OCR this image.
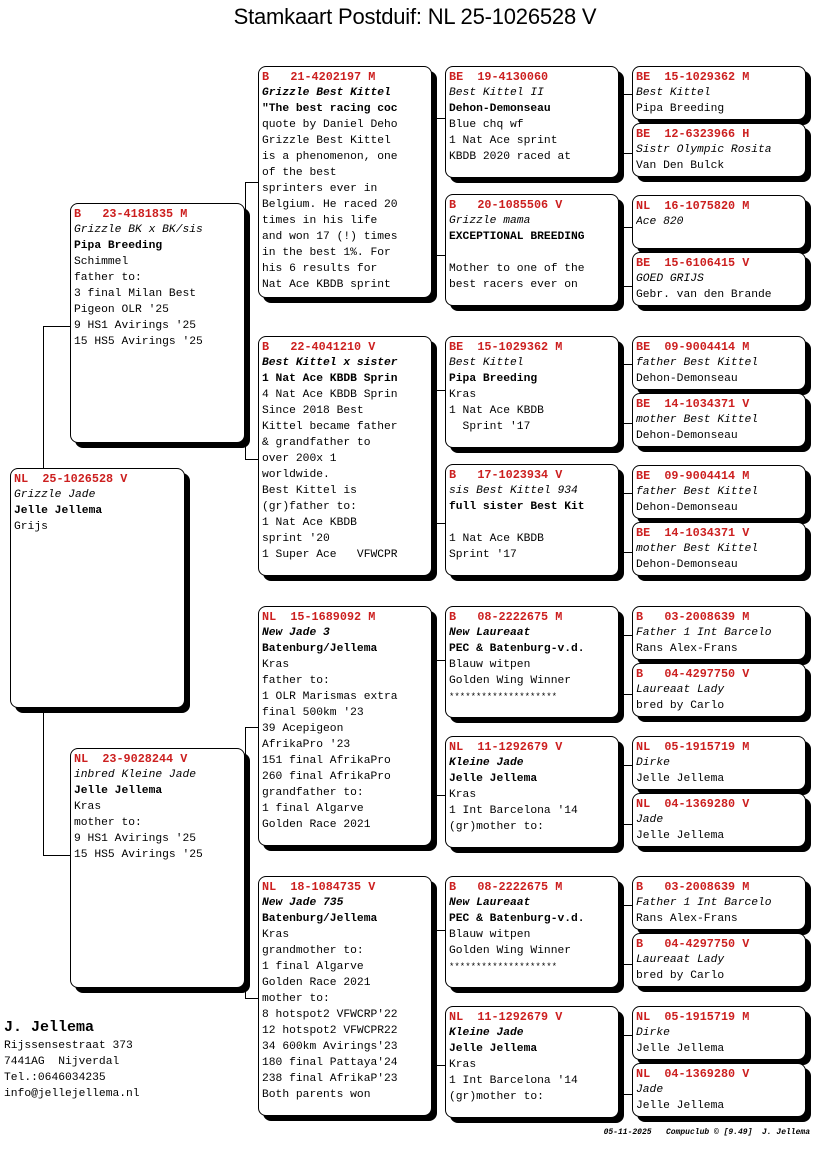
Stamkaart Postduif: NL 25-1026528 V
NL  25-1026528 V
Grizzle Jade
Jelle Jellema
Grijs
B   23-4181835 M
Grizzle BK x BK/sis
Pipa Breeding
Schimmel
father to:
3 final Milan Best
Pigeon OLR '25
9 HS1 Avirings '25
15 HS5 Avirings '25
NL  23-9028244 V
inbred Kleine Jade
Jelle Jellema
Kras
mother to:
9 HS1 Avirings '25
15 HS5 Avirings '25
B   21-4202197 M
Grizzle Best Kittel
"The best racing coc
quote by Daniel Deho
Grizzle Best Kittel
is a phenomenon, one
of the best
sprinters ever in
Belgium. He raced 20
times in his life
and won 17 (!) times
in the best 1%. For
his 6 results for
Nat Ace KBDB sprint
B   22-4041210 V
Best Kittel x sister
1 Nat Ace KBDB Sprin
4 Nat Ace KBDB Sprin
Since 2018 Best
Kittel became father
& grandfather to
over 200x 1
worldwide.
Best Kittel is
(gr)father to:
1 Nat Ace KBDB
sprint '20
1 Super Ace   VFWCPR
NL  15-1689092 M
New Jade 3
Batenburg/Jellema
Kras
father to:
1 OLR Marismas extra
final 500km '23
39 Acepigeon
AfrikaPro '23
151 final AfrikaPro
260 final AfrikaPro
grandfather to:
1 final Algarve
Golden Race 2021
NL  18-1084735 V
New Jade 735
Batenburg/Jellema
Kras
grandmother to:
1 final Algarve
Golden Race 2021
mother to:
8 hotspot2 VFWCRP'22
12 hotspot2 VFWCPR22
34 600km Avirings'23
180 final Pattaya'24
238 final AfrikaP'23
Both parents won
BE  19-4130060
Best Kittel II
Dehon-Demonseau
Blue chq wf
1 Nat Ace sprint
KBDB 2020 raced at
B   20-1085506 V
Grizzle mama
EXCEPTIONAL BREEDING
Mother to one of the
best racers ever on
BE  15-1029362 M
Best Kittel
Pipa Breeding
Kras
1 Nat Ace KBDB
Sprint '17
B   17-1023934 V
sis Best Kittel 934
full sister Best Kit
1 Nat Ace KBDB
Sprint '17
B   08-2222675 M
New Laureaat
PEC & Batenburg-v.d.
Blauw witpen
Golden Wing Winner
********************
NL  11-1292679 V
Kleine Jade
Jelle Jellema
Kras
1 Int Barcelona '14
(gr)mother to:
B   08-2222675 M
New Laureaat
PEC & Batenburg-v.d.
Blauw witpen
Golden Wing Winner
********************
NL  11-1292679 V
Kleine Jade
Jelle Jellema
Kras
1 Int Barcelona '14
(gr)mother to:
BE  15-1029362 M
Best Kittel
Pipa Breeding
BE  12-6323966 H
Sistr Olympic Rosita
Van Den Bulck
NL  16-1075820 M
Ace 820
BE  15-6106415 V
GOED GRIJS
Gebr. van den Brande
BE  09-9004414 M
father Best Kittel
Dehon-Demonseau
BE  14-1034371 V
mother Best Kittel
Dehon-Demonseau
BE  09-9004414 M
father Best Kittel
Dehon-Demonseau
BE  14-1034371 V
mother Best Kittel
Dehon-Demonseau
B   03-2008639 M
Father 1 Int Barcelo
Rans Alex-Frans
B   04-4297750 V
Laureaat Lady
bred by Carlo
NL  05-1915719 M
Dirke
Jelle Jellema
NL  04-1369280 V
Jade
Jelle Jellema
B   03-2008639 M
Father 1 Int Barcelo
Rans Alex-Frans
B   04-4297750 V
Laureaat Lady
bred by Carlo
NL  05-1915719 M
Dirke
Jelle Jellema
NL  04-1369280 V
Jade
Jelle Jellema
J. Jellema
Rijssensestraat 373
7441AG  Nijverdal
Tel.:0646034235
info@jellejellema.nl
05-11-2025   Compuclub © [9.49]  J. Jellema
